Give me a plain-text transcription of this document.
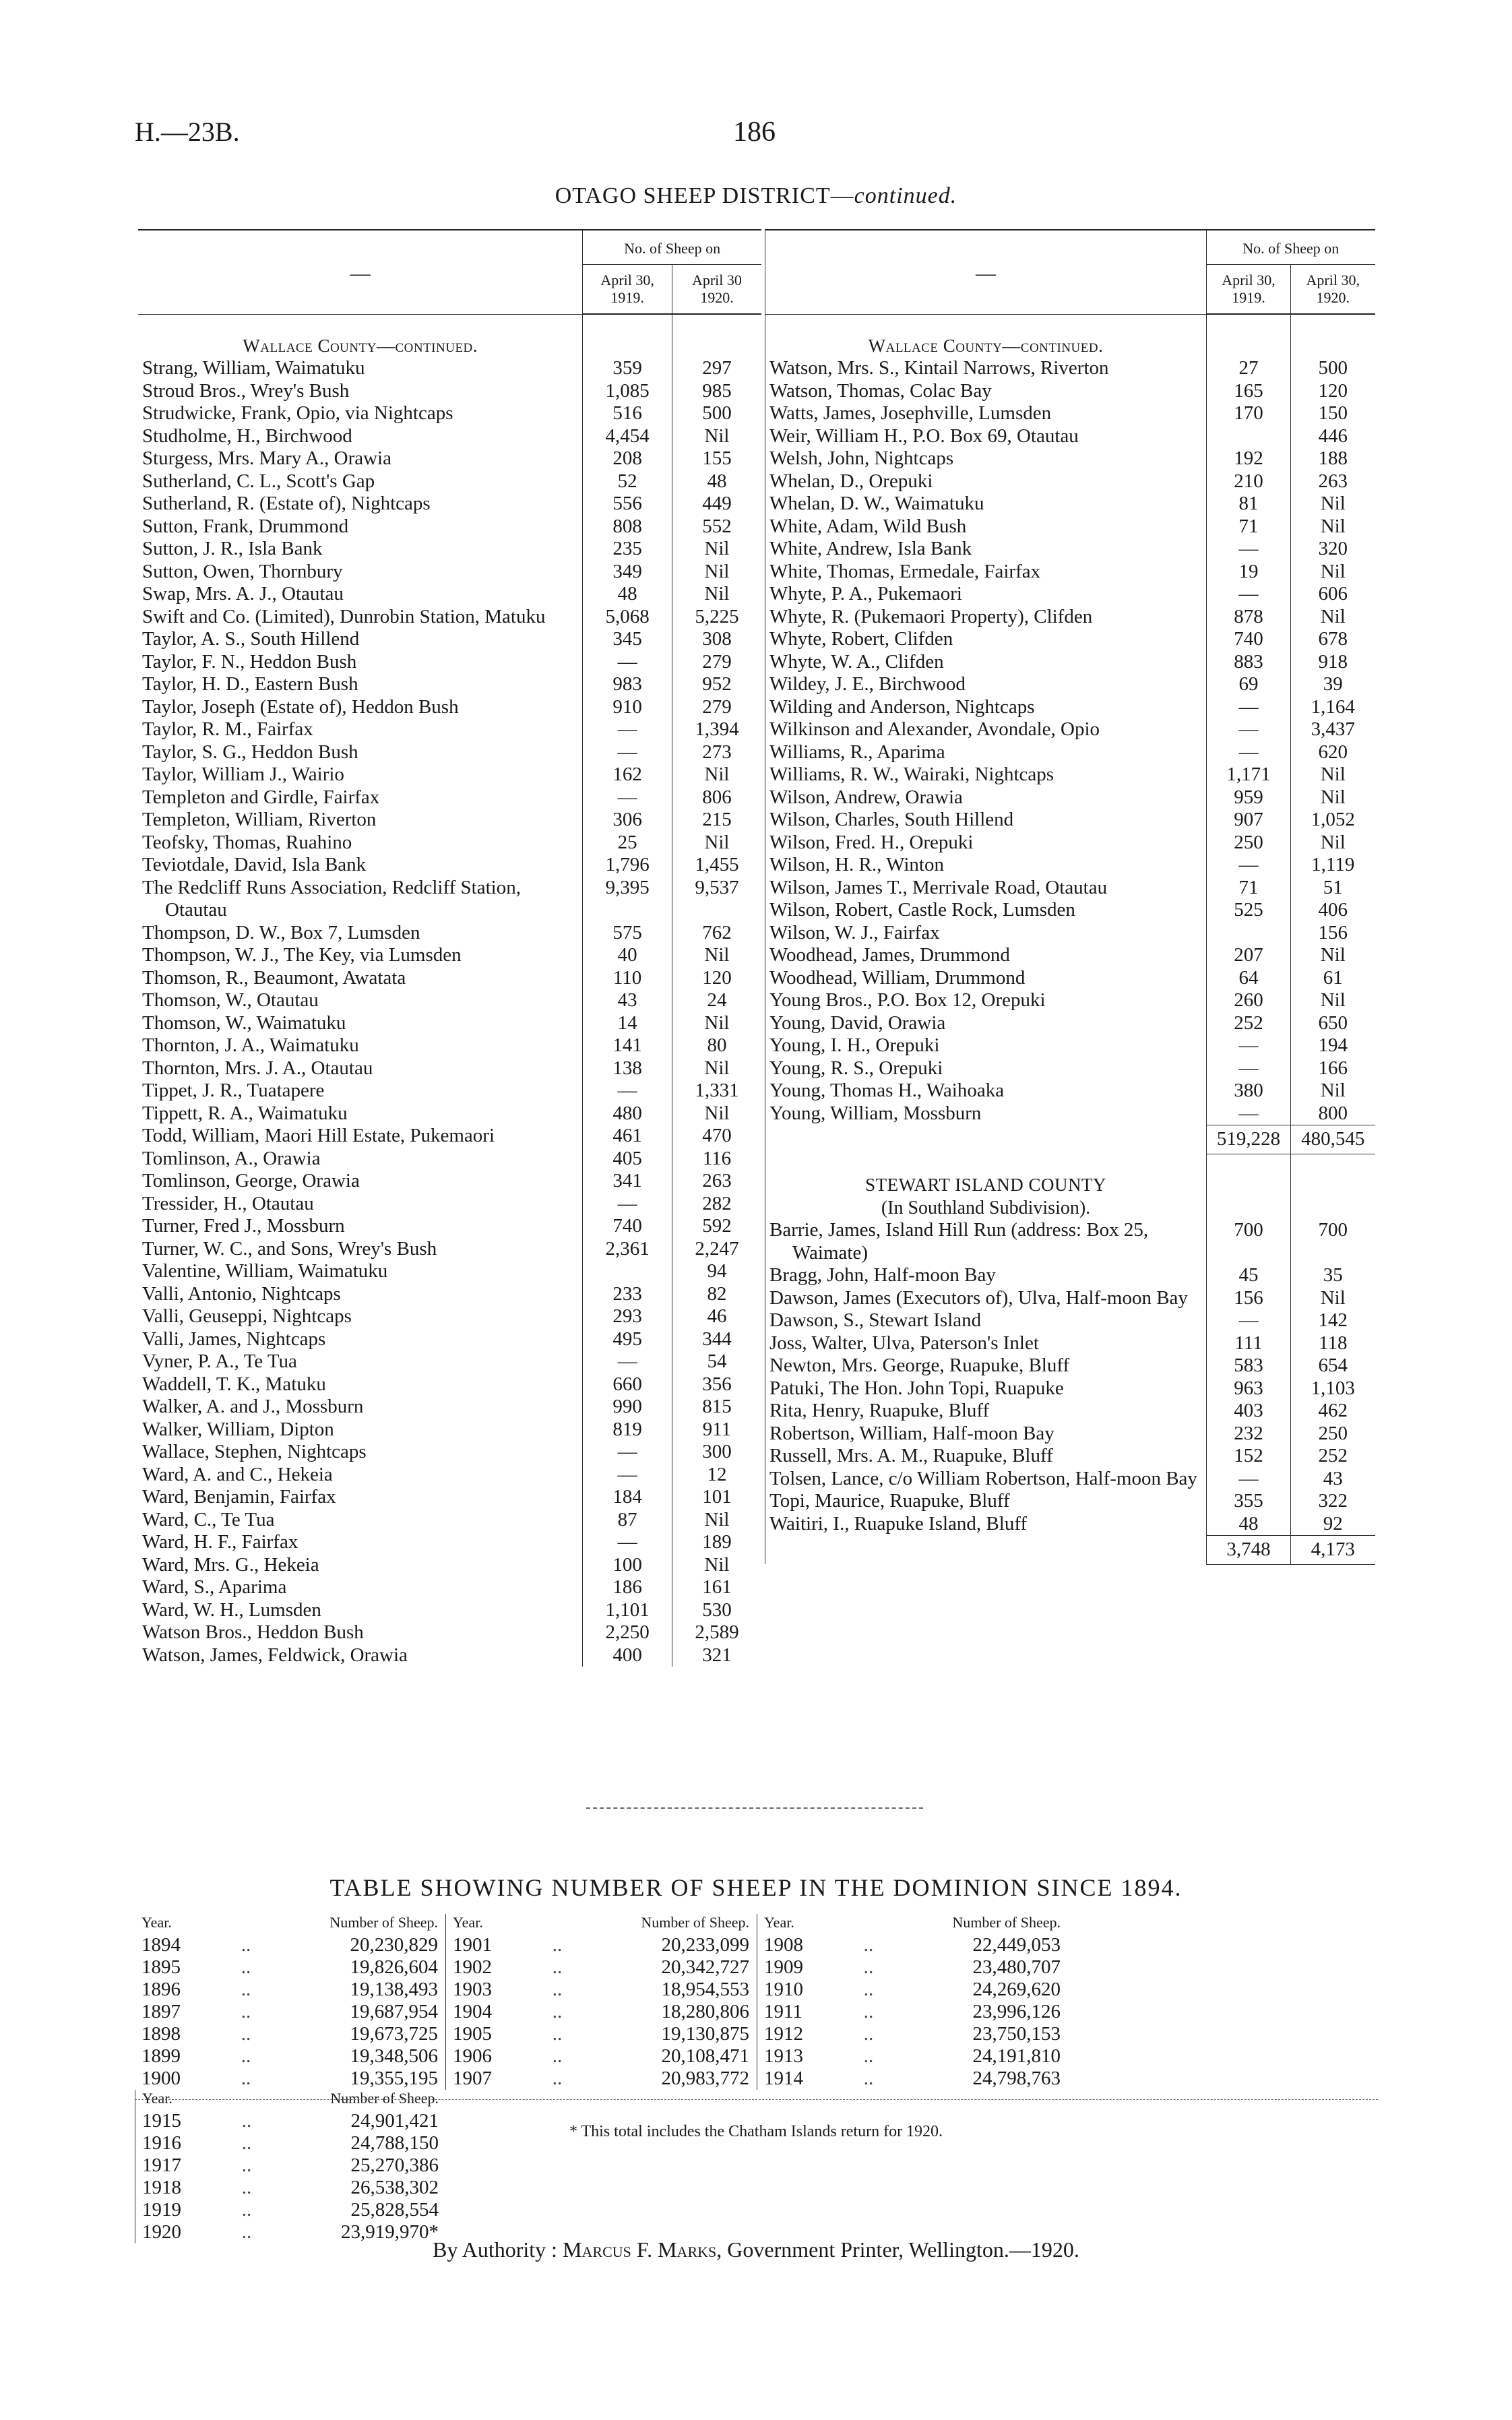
H.—23B.	186
OTAGO SHEEP DISTRICT—continued.
—	No. of Sheep on	
	April 30, 1919.	April 30 1920.
Wallace County—continued.		
Strang, William, Waimatuku	359	297
Stroud Bros., Wrey's Bush	1,085	985
Strudwicke, Frank, Opio, via Nightcaps	516	500
Studholme, H., Birchwood	4,454	Nil
Sturgess, Mrs. Mary A., Orawia	208	155
Sutherland, C. L., Scott's Gap	52	48
Sutherland, R. (Estate of), Nightcaps	556	449
Sutton, Frank, Drummond	808	552
Sutton, J. R., Isla Bank	235	Nil
Sutton, Owen, Thornbury	349	Nil
Swap, Mrs. A. J., Otautau	48	Nil
Swift and Co. (Limited), Dunrobin Station, Matuku	5,068	5,225
Taylor, A. S., South Hillend	345	308
Taylor, F. N., Heddon Bush	—	279
Taylor, H. D., Eastern Bush	983	952
Taylor, Joseph (Estate of), Heddon Bush	910	279
Taylor, R. M., Fairfax	—	1,394
Taylor, S. G., Heddon Bush	—	273
Taylor, William J., Wairio	162	Nil
Templeton and Girdle, Fairfax	—	806
Templeton, William, Riverton	306	215
Teofsky, Thomas, Ruahino	25	Nil
Teviotdale, David, Isla Bank	1,796	1,455
The Redcliff Runs Association, Redcliff Station, Otautau	9,395	9,537
Thompson, D. W., Box 7, Lumsden	575	762
Thompson, W. J., The Key, via Lumsden	40	Nil
Thomson, R., Beaumont, Awatata	110	120
Thomson, W., Otautau	43	24
Thomson, W., Waimatuku	14	Nil
Thornton, J. A., Waimatuku	141	80
Thornton, Mrs. J. A., Otautau	138	Nil
Tippet, J. R., Tuatapere	—	1,331
Tippett, R. A., Waimatuku	480	Nil
Todd, William, Maori Hill Estate, Pukemaori	461	470
Tomlinson, A., Orawia	405	116
Tomlinson, George, Orawia	341	263
Tressider, H., Otautau	—	282
Turner, Fred J., Mossburn	740	592
Turner, W. C., and Sons, Wrey's Bush	2,361	2,247
Valentine, William, Waimatuku		94
Valli, Antonio, Nightcaps	233	82
Valli, Geuseppi, Nightcaps	293	46
Valli, James, Nightcaps	495	344
Vyner, P. A., Te Tua	—	54
Waddell, T. K., Matuku	660	356
Walker, A. and J., Mossburn	990	815
Walker, William, Dipton	819	911
Wallace, Stephen, Nightcaps	—	300
Ward, A. and C., Hekeia	—	12
Ward, Benjamin, Fairfax	184	101
Ward, C., Te Tua	87	Nil
Ward, H. F., Fairfax	—	189
Ward, Mrs. G., Hekeia	100	Nil
Ward, S., Aparima	186	161
Ward, W. H., Lumsden	1,101	530
Watson Bros., Heddon Bush	2,250	2,589
Watson, James, Feldwick, Orawia	400	321
—	No. of Sheep on	
	April 30, 1919.	April 30, 1920.
Wallace County—continued.		
Watson, Mrs. S., Kintail Narrows, Riverton	27	500
Watson, Thomas, Colac Bay	165	120
Watts, James, Josephville, Lumsden	170	150
Weir, William H., P.O. Box 69, Otautau		446
Welsh, John, Nightcaps	192	188
Whelan, D., Orepuki	210	263
Whelan, D. W., Waimatuku	81	Nil
White, Adam, Wild Bush	71	Nil
White, Andrew, Isla Bank	—	320
White, Thomas, Ermedale, Fairfax	19	Nil
Whyte, P. A., Pukemaori	—	606
Whyte, R. (Pukemaori Property), Clifden	878	Nil
Whyte, Robert, Clifden	740	678
Whyte, W. A., Clifden	883	918
Wildey, J. E., Birchwood	69	39
Wilding and Anderson, Nightcaps	—	1,164
Wilkinson and Alexander, Avondale, Opio	—	3,437
Williams, R., Aparima	—	620
Williams, R. W., Wairaki, Nightcaps	1,171	Nil
Wilson, Andrew, Orawia	959	Nil
Wilson, Charles, South Hillend	907	1,052
Wilson, Fred. H., Orepuki	250	Nil
Wilson, H. R., Winton	—	1,119
Wilson, James T., Merrivale Road, Otautau	71	51
Wilson, Robert, Castle Rock, Lumsden	525	406
Wilson, W. J., Fairfax		156
Woodhead, James, Drummond	207	Nil
Woodhead, William, Drummond	64	61
Young Bros., P.O. Box 12, Orepuki	260	Nil
Young, David, Orawia	252	650
Young, I. H., Orepuki	—	194
Young, R. S., Orepuki	—	166
Young, Thomas H., Waihoaka	380	Nil
Young, William, Mossburn	—	800
	519,228	480,545
STEWART ISLAND COUNTY		
(In Southland Subdivision).		
Barrie, James, Island Hill Run (address: Box 25, Waimate)	700	700
Bragg, John, Half-moon Bay	45	35
Dawson, James (Executors of), Ulva, Half-moon Bay	156	Nil
Dawson, S., Stewart Island	—	142
Joss, Walter, Ulva, Paterson's Inlet	111	118
Newton, Mrs. George, Ruapuke, Bluff	583	654
Patuki, The Hon. John Topi, Ruapuke	963	1,103
Rita, Henry, Ruapuke, Bluff	403	462
Robertson, William, Half-moon Bay	232	250
Russell, Mrs. A. M., Ruapuke, Bluff	152	252
Tolsen, Lance, c/o William Robertson, Half-moon Bay	—	43
Topi, Maurice, Ruapuke, Bluff	355	322
Waitiri, I., Ruapuke Island, Bluff	48	92
	3,748	4,173
TABLE SHOWING NUMBER OF SHEEP IN THE DOMINION SINCE 1894.
Year.	Number of Sheep.
1894	..	20,230,829
1895	..	19,826,604
1896	..	19,138,493
1897	..	19,687,954
1898	..	19,673,725
1899	..	19,348,506
1900	..	19,355,195
Year.	Number of Sheep.
1901	..	20,233,099
1902	..	20,342,727
1903	..	18,954,553
1904	..	18,280,806
1905	..	19,130,875
1906	..	20,108,471
1907	..	20,983,772
Year.	Number of Sheep.
1908	..	22,449,053
1909	..	23,480,707
1910	..	24,269,620
1911	..	23,996,126
1912	..	23,750,153
1913	..	24,191,810
1914	..	24,798,763
Year.	Number of Sheep.
1915	..	24,901,421
1916	..	24,788,150
1917	..	25,270,386
1918	..	26,538,302
1919	..	25,828,554
1920	..	23,919,970*
* This total includes the Chatham Islands return for 1920.
By Authority : Marcus F. Marks, Government Printer, Wellington.—1920.
